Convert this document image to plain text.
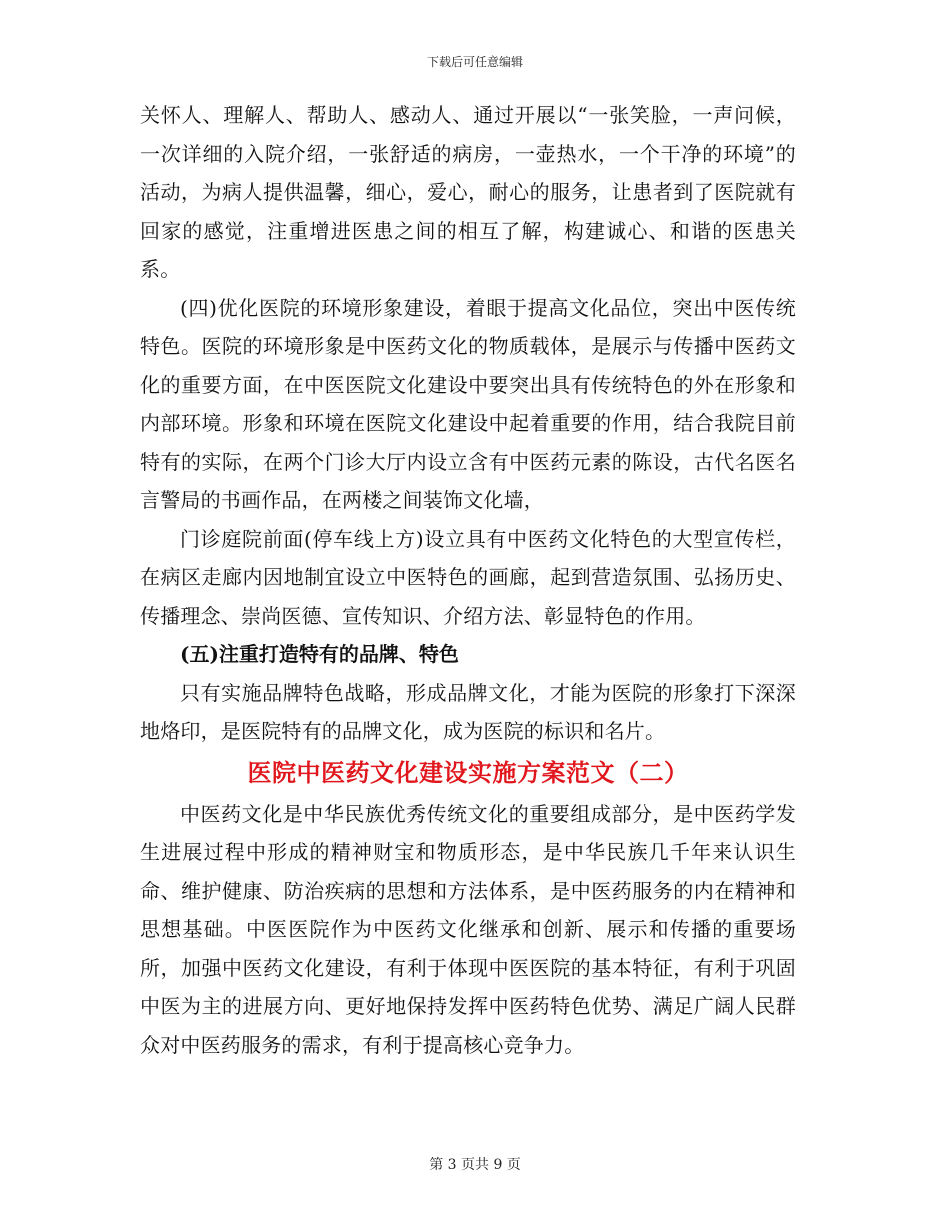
下载后可任意编辑

关怀人、理解人、帮助人、感动人、通过开展以“一张笑脸，一声问候，一次详细的入院介绍，一张舒适的病房，一壶热水，一个干净的环境”的活动，为病人提供温馨，细心，爱心，耐心的服务，让患者到了医院就有回家的感觉，注重增进医患之间的相互了解，构建诚心、和谐的医患关系。

(四)优化医院的环境形象建设，着眼于提高文化品位，突出中医传统特色。医院的环境形象是中医药文化的物质载体，是展示与传播中医药文化的重要方面，在中医医院文化建设中要突出具有传统特色的外在形象和内部环境。形象和环境在医院文化建设中起着重要的作用，结合我院目前特有的实际，在两个门诊大厅内设立含有中医药元素的陈设，古代名医名言警局的书画作品，在两楼之间装饰文化墙，

门诊庭院前面(停车线上方)设立具有中医药文化特色的大型宣传栏，在病区走廊内因地制宜设立中医特色的画廊，起到营造氛围、弘扬历史、传播理念、崇尚医德、宣传知识、介绍方法、彰显特色的作用。

(五)注重打造特有的品牌、特色

只有实施品牌特色战略，形成品牌文化，才能为医院的形象打下深深地烙印，是医院特有的品牌文化，成为医院的标识和名片。

医院中医药文化建设实施方案范文（二）

中医药文化是中华民族优秀传统文化的重要组成部分，是中医药学发生进展过程中形成的精神财宝和物质形态，是中华民族几千年来认识生命、维护健康、防治疾病的思想和方法体系，是中医药服务的内在精神和思想基础。中医医院作为中医药文化继承和创新、展示和传播的重要场所，加强中医药文化建设，有利于体现中医医院的基本特征，有利于巩固中医为主的进展方向、更好地保持发挥中医药特色优势、满足广阔人民群众对中医药服务的需求，有利于提高核心竞争力。

第 3 页共 9 页
